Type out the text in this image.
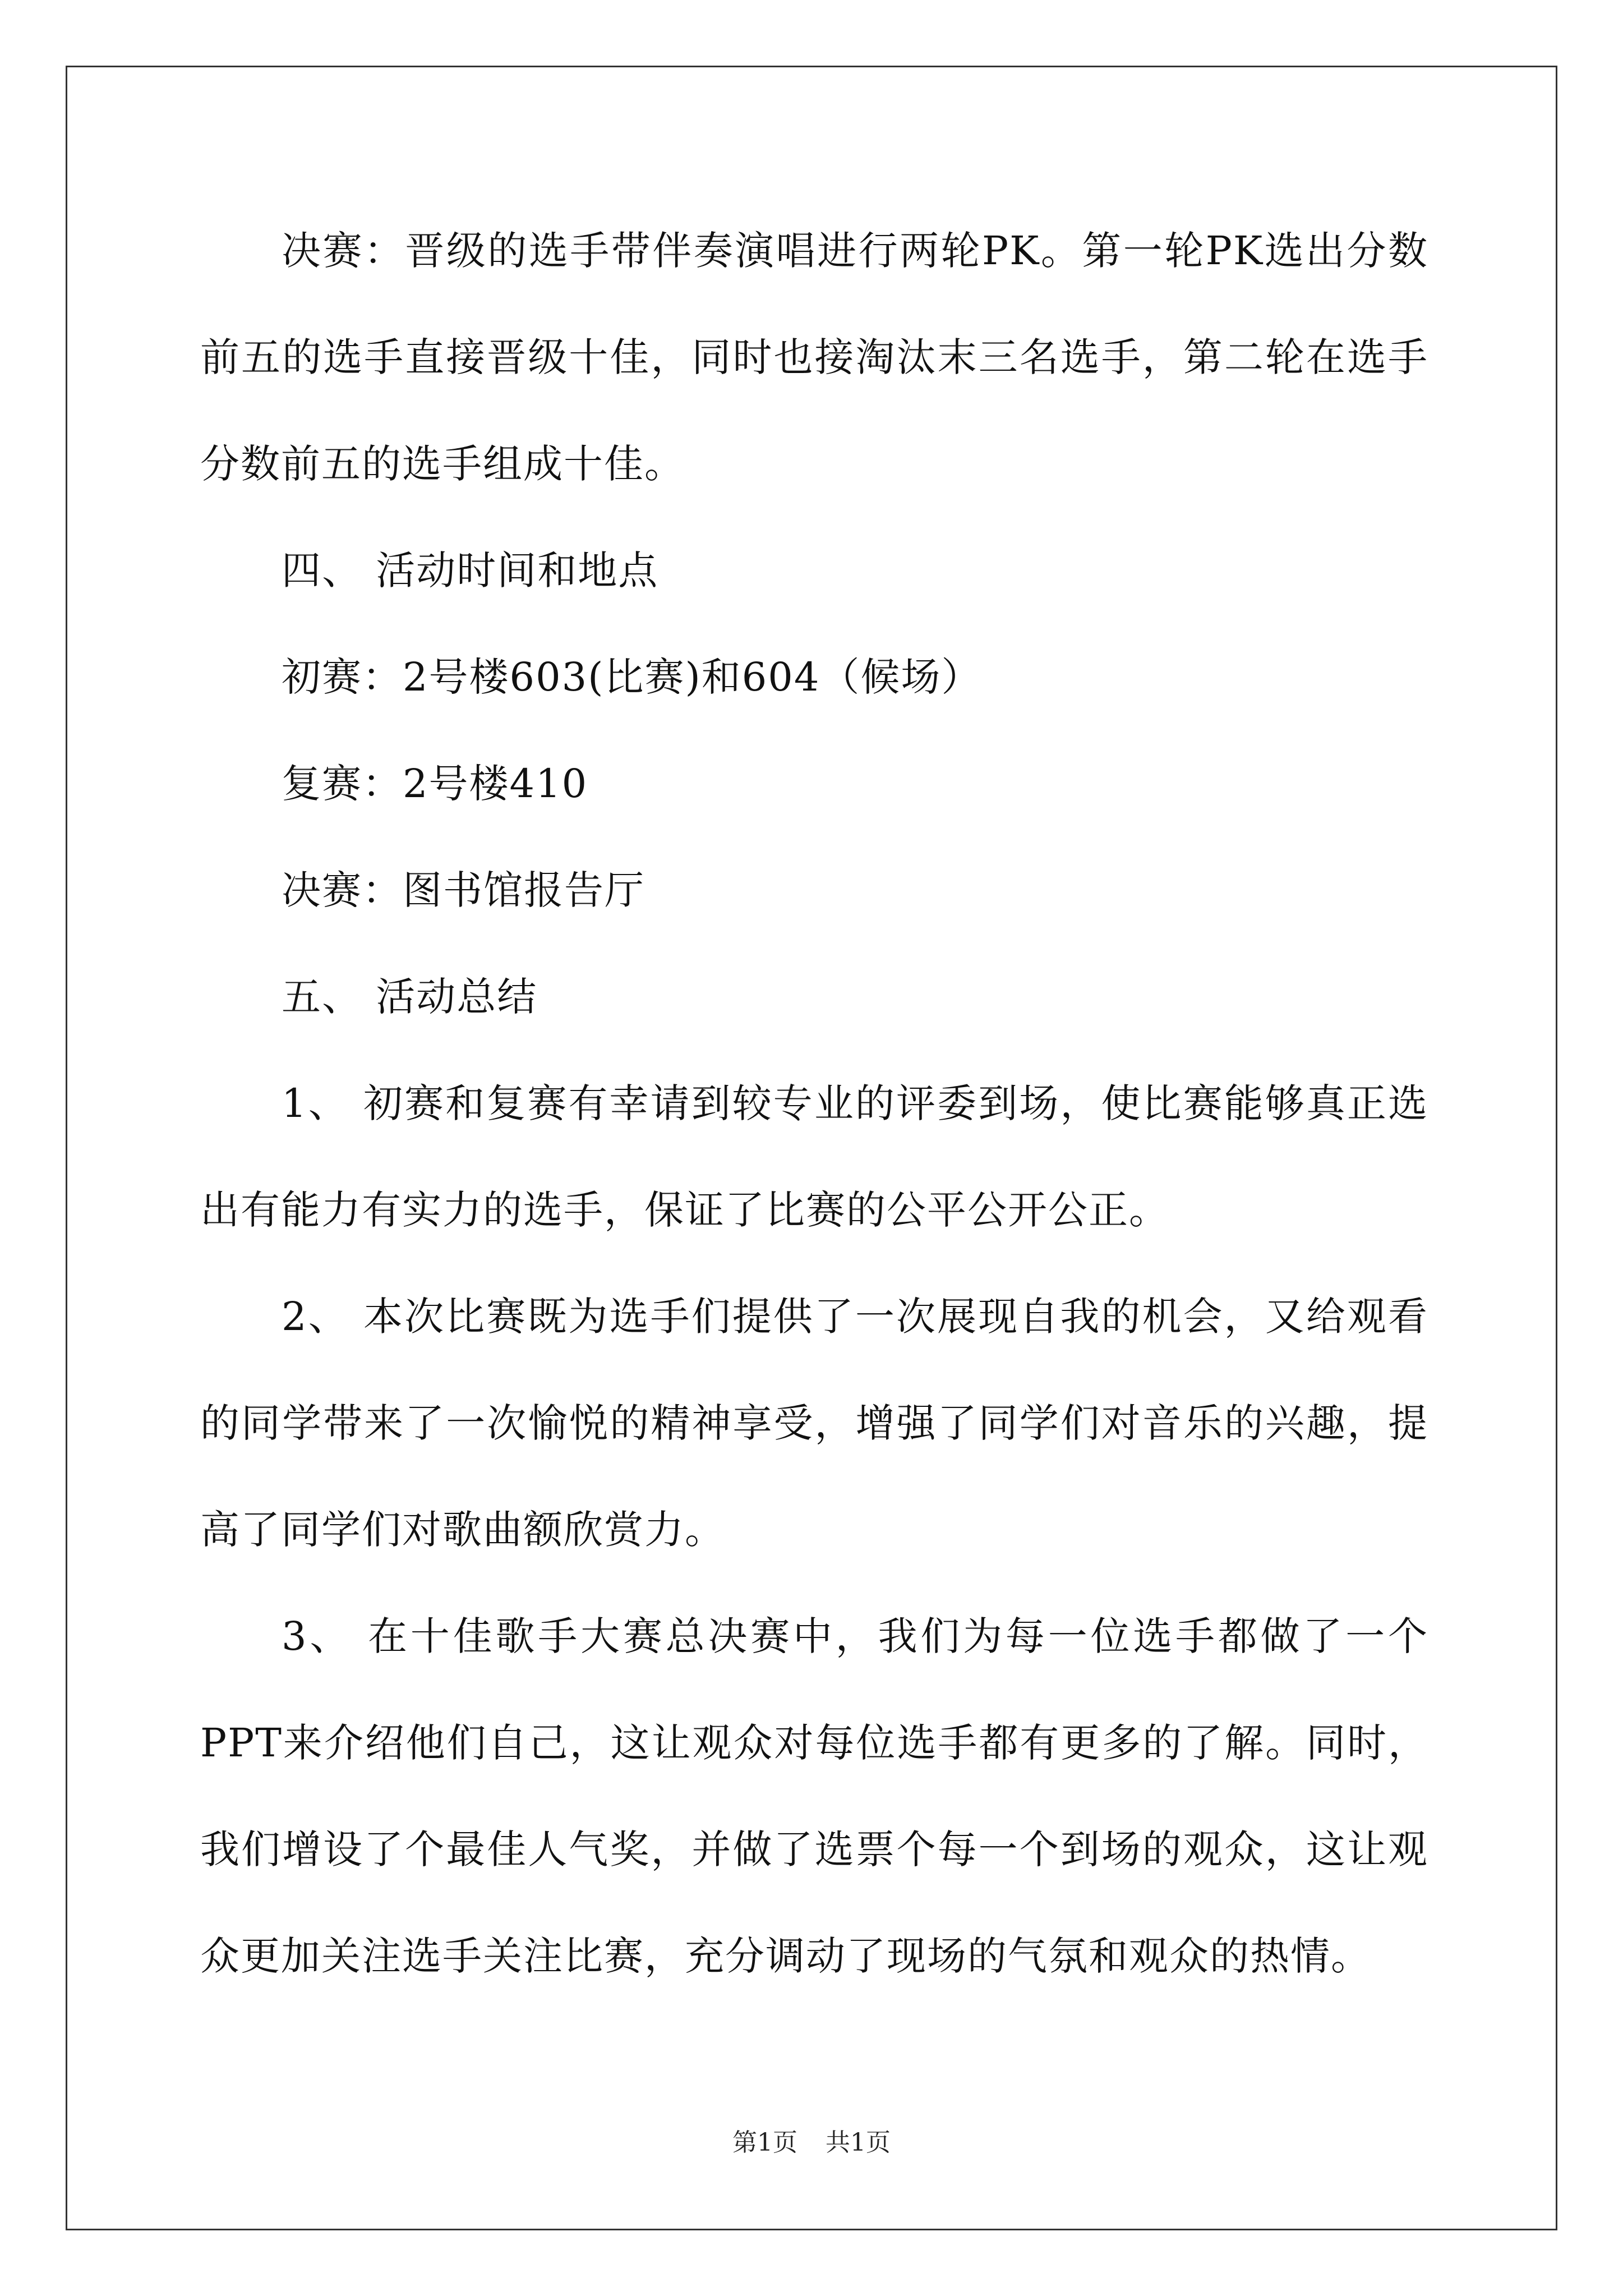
决赛：晋级的选手带伴奏演唱进行两轮PK。第一轮PK选出分数
前五的选手直接晋级十佳，同时也接淘汰末三名选手，第二轮在选手
分数前五的选手组成十佳。
四、 活动时间和地点
初赛：2号楼603(比赛)和604（候场）
复赛：2号楼410
决赛：图书馆报告厅
五、 活动总结
1、 初赛和复赛有幸请到较专业的评委到场，使比赛能够真正选
出有能力有实力的选手，保证了比赛的公平公开公正。
2、 本次比赛既为选手们提供了一次展现自我的机会，又给观看
的同学带来了一次愉悦的精神享受，增强了同学们对音乐的兴趣，提
高了同学们对歌曲额欣赏力。
3、 在十佳歌手大赛总决赛中，我们为每一位选手都做了一个
PPT来介绍他们自己，这让观众对每位选手都有更多的了解。同时，
我们增设了个最佳人气奖，并做了选票个每一个到场的观众，这让观
众更加关注选手关注比赛，充分调动了现场的气氛和观众的热情。
第1页 共1页
